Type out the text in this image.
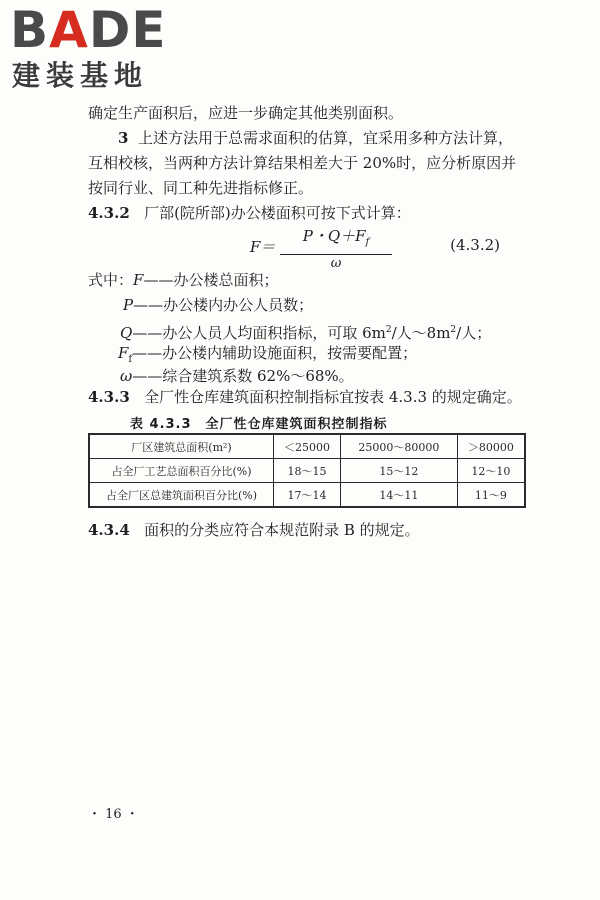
BADE
建装基地
确定生产面积后，应进一步确定其他类别面积。
3 上述方法用于总需求面积的估算，宜采用多种方法计算，
互相校核，当两种方法计算结果相差大于 20%时，应分析原因并
按同行业、同工种先进指标修正。
4.3.2 厂部(院所部)办公楼面积可按下式计算：
F＝
P・$Q+F_f$
ω
(4.3.2)
式中：F——办公楼总面积；
P——办公楼内办公人员数；
Q——办公人员人均面积指标，可取 $6m^2/$人$\sim 8m^2/$人；
$F_f——$办公楼内辅助设施面积，按需要配置；
ω——综合建筑系数 62%～68%。
4.3.3 全厂性仓库建筑面积控制指标宜按表 4.3.3 的规定确定。
表 4.3.3　全厂性仓库建筑面积控制指标
厂区建筑总面积(m²)	＜25000	25000～80000	＞80000
占全厂工艺总面积百分比(%)	18～15	15～12	12～10
占全厂区总建筑面积百分比(%)	17～14	14～11	11～9
4.3.4 面积的分类应符合本规范附录 B 的规定。
・ 16 ・
